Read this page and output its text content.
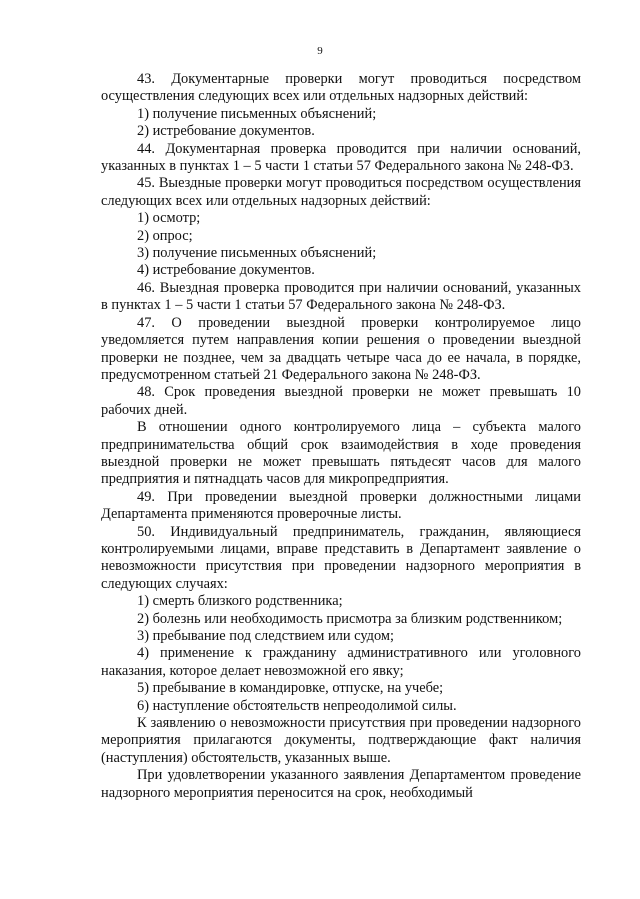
9

43. Документарные проверки могут проводиться посредством осуществления следующих всех или отдельных надзорных действий:

1) получение письменных объяснений;

2) истребование документов.

44. Документарная проверка проводится при наличии оснований, указанных в пунктах 1 – 5 части 1 статьи 57 Федерального закона № 248-ФЗ.

45. Выездные проверки могут проводиться посредством осуществления следующих всех или отдельных надзорных действий:

1) осмотр;

2) опрос;

3) получение письменных объяснений;

4) истребование документов.

46. Выездная проверка проводится при наличии оснований, указанных в пунктах 1 – 5 части 1 статьи 57 Федерального закона № 248-ФЗ.

47. О проведении выездной проверки контролируемое лицо уведомляется путем направления копии решения о проведении выездной проверки не позднее, чем за двадцать четыре часа до ее начала, в порядке, предусмотренном статьей 21 Федерального закона № 248-ФЗ.

48. Срок проведения выездной проверки не может превышать 10 рабочих дней.

В отношении одного контролируемого лица – субъекта малого предпринимательства общий срок взаимодействия в ходе проведения выездной проверки не может превышать пятьдесят часов для малого предприятия и пятнадцать часов для микропредприятия.

49. При проведении выездной проверки должностными лицами Департамента применяются проверочные листы.

50. Индивидуальный предприниматель, гражданин, являющиеся контролируемыми лицами, вправе представить в Департамент заявление о невозможности присутствия при проведении надзорного мероприятия в следующих случаях:

1) смерть близкого родственника;

2) болезнь или необходимость присмотра за близким родственником;

3) пребывание под следствием или судом;

4) применение к гражданину административного или уголовного наказания, которое делает невозможной его явку;

5) пребывание в командировке, отпуске, на учебе;

6) наступление обстоятельств непреодолимой силы.

К заявлению о невозможности присутствия при проведении надзорного мероприятия прилагаются документы, подтверждающие факт наличия (наступления) обстоятельств, указанных выше.

При удовлетворении указанного заявления Департаментом проведение надзорного мероприятия переносится на срок, необходимый
